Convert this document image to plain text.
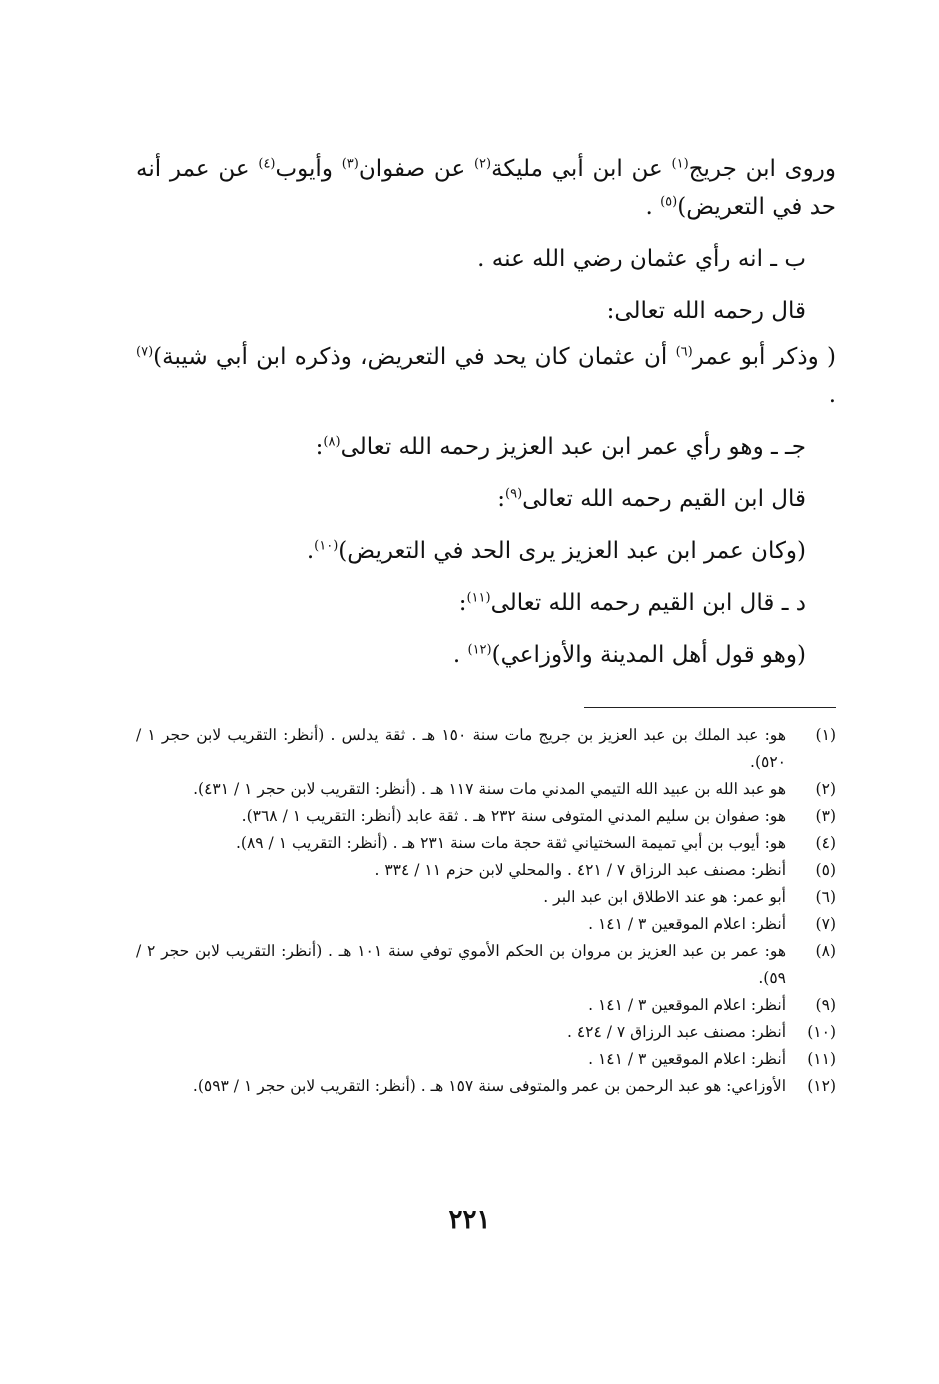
وروى ابن جريج$^{(١)}$ عن ابن أبي مليكة$^{(٢)}$ عن صفوان$^{(٣)}$ وأيوب$^{(٤)}$ عن عمر أنه حد في التعريض)$^{(٥)}$ .

ب ـ انه رأي عثمان رضي الله عنه .

قال رحمه الله تعالى:

( وذكر أبو عمر$^{(٦)}$ أن عثمان كان يحد في التعريض، وذكره ابن أبي شيبة)$^{(٧)}$ .

جـ ـ وهو رأي عمر ابن عبد العزيز رحمه الله تعالى$^{(٨)}$:

قال ابن القيم رحمه الله تعالى$^{(٩)}$:

(وكان عمر ابن عبد العزيز يرى الحد في التعريض)$^{(١٠)}$.

د ـ قال ابن القيم رحمه الله تعالى$^{(١١)}$:

(وهو قول أهل المدينة والأوزاعي)$^{(١٢)}$ .

(١)
هو: عبد الملك بن عبد العزيز بن جريج مات سنة ١٥٠ هـ . ثقة يدلس . (أنظر: التقريب لابن حجر ١ / ٥٢٠).
(٢)
هو عبد الله بن عبيد الله التيمي المدني مات سنة ١١٧ هـ . (أنظر: التقريب لابن حجر ١ / ٤٣١).
(٣)
هو: صفوان بن سليم المدني المتوفى سنة ٢٣٢ هـ . ثقة عابد (أنظر: التقريب ١ / ٣٦٨).
(٤)
هو: أيوب بن أبي تميمة السختياني ثقة حجة مات سنة ٢٣١ هـ . (أنظر: التقريب ١ / ٨٩).
(٥)
أنظر: مصنف عبد الرزاق ٧ / ٤٢١ . والمحلي لابن حزم ١١ / ٣٣٤ .
(٦)
أبو عمر: هو عند الاطلاق ابن عبد البر .
(٧)
أنظر: اعلام الموقعين ٣ / ١٤١ .
(٨)
هو: عمر بن عبد العزيز بن مروان بن الحكم الأموي توفي سنة ١٠١ هـ . (أنظر: التقريب لابن حجر ٢ / ٥٩).
(٩)
أنظر: اعلام الموقعين ٣ / ١٤١ .
(١٠)
أنظر: مصنف عبد الرزاق ٧ / ٤٢٤ .
(١١)
أنظر: اعلام الموقعين ٣ / ١٤١ .
(١٢)
الأوزاعي: هو عبد الرحمن بن عمر والمتوفى سنة ١٥٧ هـ . (أنظر: التقريب لابن حجر ١ / ٥٩٣).
٢٢١
